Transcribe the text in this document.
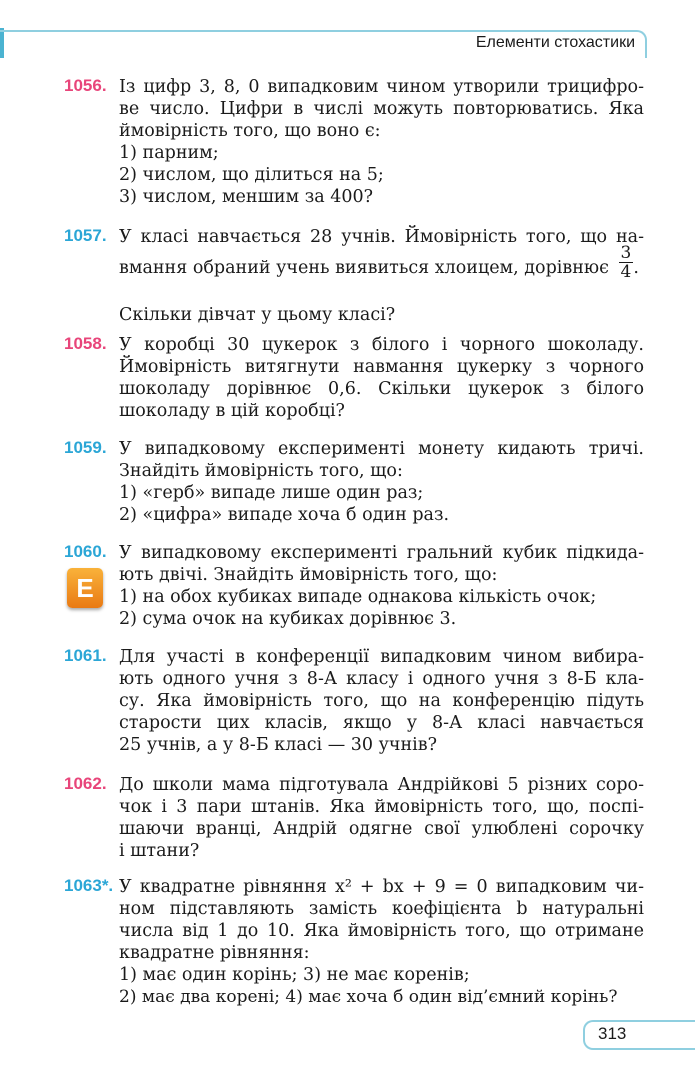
Елементи стохастики
1056. Із цифр 3, 8, 0 випадковим чином утворили трицифро-
ве число. Цифри в числі можуть повторюватись. Яка
ймовірність того, що воно є:
1) парним;
2) числом, що ділиться на 5;
3) числом, меншим за 400?
1057. У класі навчається 28 учнів. Ймовірність того, що на-
вмання обраний учень виявиться хлоицем, дорівнює $\frac{3}{4}$ .
Скільки дівчат у цьому класі?
1058. У коробці 30 цукерок з білого і чорного шоколаду.
Ймовірність витягнути навмання цукерку з чорного
шоколаду дорівнює 0,6. Скільки цукерок з білого
шоколаду в цій коробці?
1059. У випадковому експерименті монету кидають тричі.
Знайдіть ймовірність того, що:
1) «герб» випаде лише один раз;
2) «цифра» випаде хоча б один раз.
1060. У випадковому експерименті гральний кубик підкида-
ють двічі. Знайдіть ймовірність того, що:
1) на обох кубиках випаде однакова кількість очок;
2) сума очок на кубиках дорівнює 3.
E
1061. Для участі в конференції випадковим чином вибира-
ють одного учня з 8-А класу і одного учня з 8-Б кла-
су. Яка ймовірність того, що на конференцію підуть
старости цих класів, якщо у 8-А класі навчається
25 учнів, а у 8-Б класі — 30 учнів?
1062. До школи мама підготувала Андрійкові 5 різних соро-
чок і 3 пари штанів. Яка ймовірність того, що, поспі-
шаючи вранці, Андрій одягне свої улюблені сорочку
і штани?
1063*. У квадратне рівняння x² + bx + 9 = 0 випадковим чи-
ном підставляють замість коефіцієнта b натуральні
числа від 1 до 10. Яка ймовірність того, що отримане
квадратне рівняння:
1) має один корінь; 3) не має коренів;
2) має два корені; 4) має хоча б один від’ємний корінь?
313
